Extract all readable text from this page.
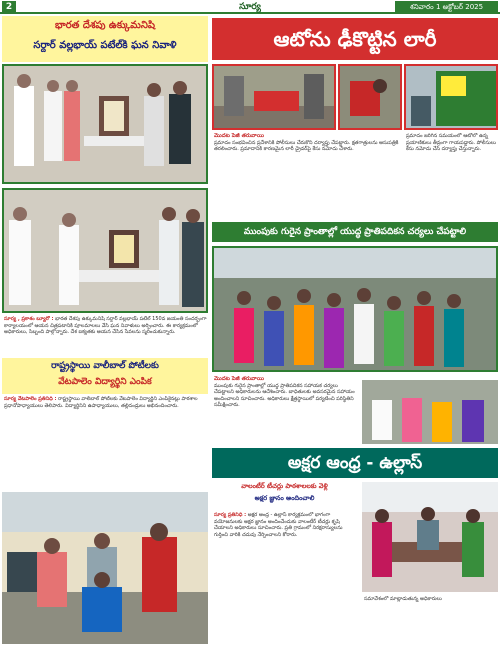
2	సూర్య	శనివారం 1 అక్టోబర్ 2025
భారత దేశపు ఉక్కుమనిషి
సర్దార్ వల్లభాయ్ పటేల్‌కి ఘన నివాళి
సూర్య , ప్రకాశం బ్యూరో : భారత దేశపు ఉక్కుమనిషి సర్దార్ వల్లభాయ్ పటేల్ 150వ జయంతి సందర్భంగా కార్యాలయంలో ఆయన చిత్రపటానికి పూలమాలలు వేసి ఘన నివాళులు అర్పించారు. ఈ కార్యక్రమంలో అధికారులు, సిబ్బంది పాల్గొన్నారు. దేశ ఐక్యతకు ఆయన చేసిన సేవలను స్మరించుకున్నారు.
రాష్ట్రస్థాయి వాలీబాల్ పోటీలకు
వేటపాలెం విద్యార్థిని ఎంపిక
సూర్య వేటపాలెం ప్రతినిధి : రాష్ట్రస్థాయి వాలీబాల్ పోటీలకు వేటపాలెం విద్యార్థిని ఎంపికైనట్లు పాఠశాల ప్రధానోపాధ్యాయులు తెలిపారు. విద్యార్థినిని ఉపాధ్యాయులు, తల్లిదండ్రులు అభినందించారు.
ఆటోను ఢీకొట్టిన లారీ
మొదట పేజీ తరువాయి
ప్రమాదం సంభవించిన ప్రదేశానికి పోలీసులు చేరుకొని దర్యాప్తు చేపట్టారు. క్షతగాత్రులను ఆసుపత్రికి తరలించారు. ప్రమాదానికి కారణమైన లారీ డ్రైవర్‌పై కేసు నమోదు చేశారు.
ప్రమాదం జరిగిన సమయంలో ఆటోలో ఉన్న ప్రయాణికులు తీవ్రంగా గాయపడ్డారు. పోలీసులు కేసు నమోదు చేసి దర్యాప్తు చేస్తున్నారు.
ముంపుకు గురైన ప్రాంతాల్లో యుద్ధ ప్రాతిపదికన చర్యలు చేపట్టాలి
మొదట పేజీ తరువాయి
ముంపుకు గురైన ప్రాంతాల్లో యుద్ధ ప్రాతిపదికన సహాయక చర్యలు చేపట్టాలని అధికారులను ఆదేశించారు. బాధితులకు అవసరమైన సహాయం అందించాలని సూచించారు. అధికారులు క్షేత్రస్థాయిలో పర్యటించి పరిస్థితిని సమీక్షించారు.
అక్షర ఆంధ్ర - ఉల్లాస్
వాలంటీర్ టీచర్లు పాఠశాలలకు వెళ్లి
అక్షర జ్ఞానం అందించాలి
సూర్య ప్రతినిధి : అక్షర ఆంధ్ర - ఉల్లాస్ కార్యక్రమంలో భాగంగా వయోజనులకు అక్షర జ్ఞానం అందించేందుకు వాలంటీర్ టీచర్లు కృషి చేయాలని అధికారులు సూచించారు. ప్రతి గ్రామంలో నిరక్షరాస్యులను గుర్తించి వారికి చదువు నేర్పించాలని కోరారు.
సమావేశంలో మాట్లాడుతున్న అధికారులు
